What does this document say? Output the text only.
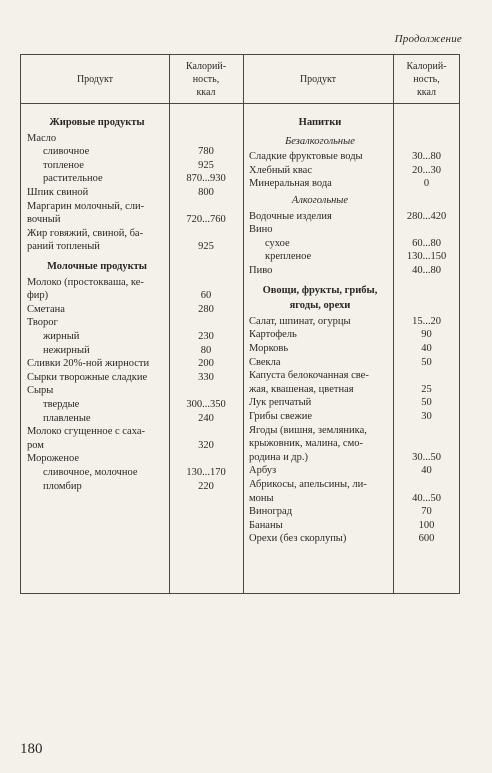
Продолжение
Продукт
Калорий-
ность,
ккал
Продукт
Калорий-
ность,
ккал
Жировые продукты
Масло
сливочное	780
топленое	925
растительное	870...930
Шпик свиной	800
Маргарин молочный, сли-
вочный	720...760
Жир говяжий, свиной, ба-
раний топленый	925
Молочные продукты
Молоко (простокваша, ке-
фир)	60
Сметана	280
Творог
жирный	230
нежирный	80
Сливки 20%-ной жирности	200
Сырки творожные сладкие	330
Сыры
твердые	300...350
плавленые	240
Молоко сгущенное с саха-
ром	320
Мороженое
сливочное, молочное	130...170
пломбир	220
Напитки
Безалкогольные
Сладкие фруктовые воды	30...80
Хлебный квас	20...30
Минеральная вода	0
Алкогольные
Водочные изделия	280...420
Вино
сухое	60...80
крепленое	130...150
Пиво	40...80
Овощи, фрукты, грибы,
ягоды, орехи
Салат, шпинат, огурцы	15...20
Картофель	90
Морковь	40
Свекла	50
Капуста белокочанная све-
жая, квашеная, цветная	25
Лук репчатый	50
Грибы свежие	30
Ягоды (вишня, земляника,
крыжовник, малина, смо-
родина и др.)	30...50
Арбуз	40
Абрикосы, апельсины, ли-
моны	40...50
Виноград	70
Бананы	100
Орехи (без скорлупы)	600
180
